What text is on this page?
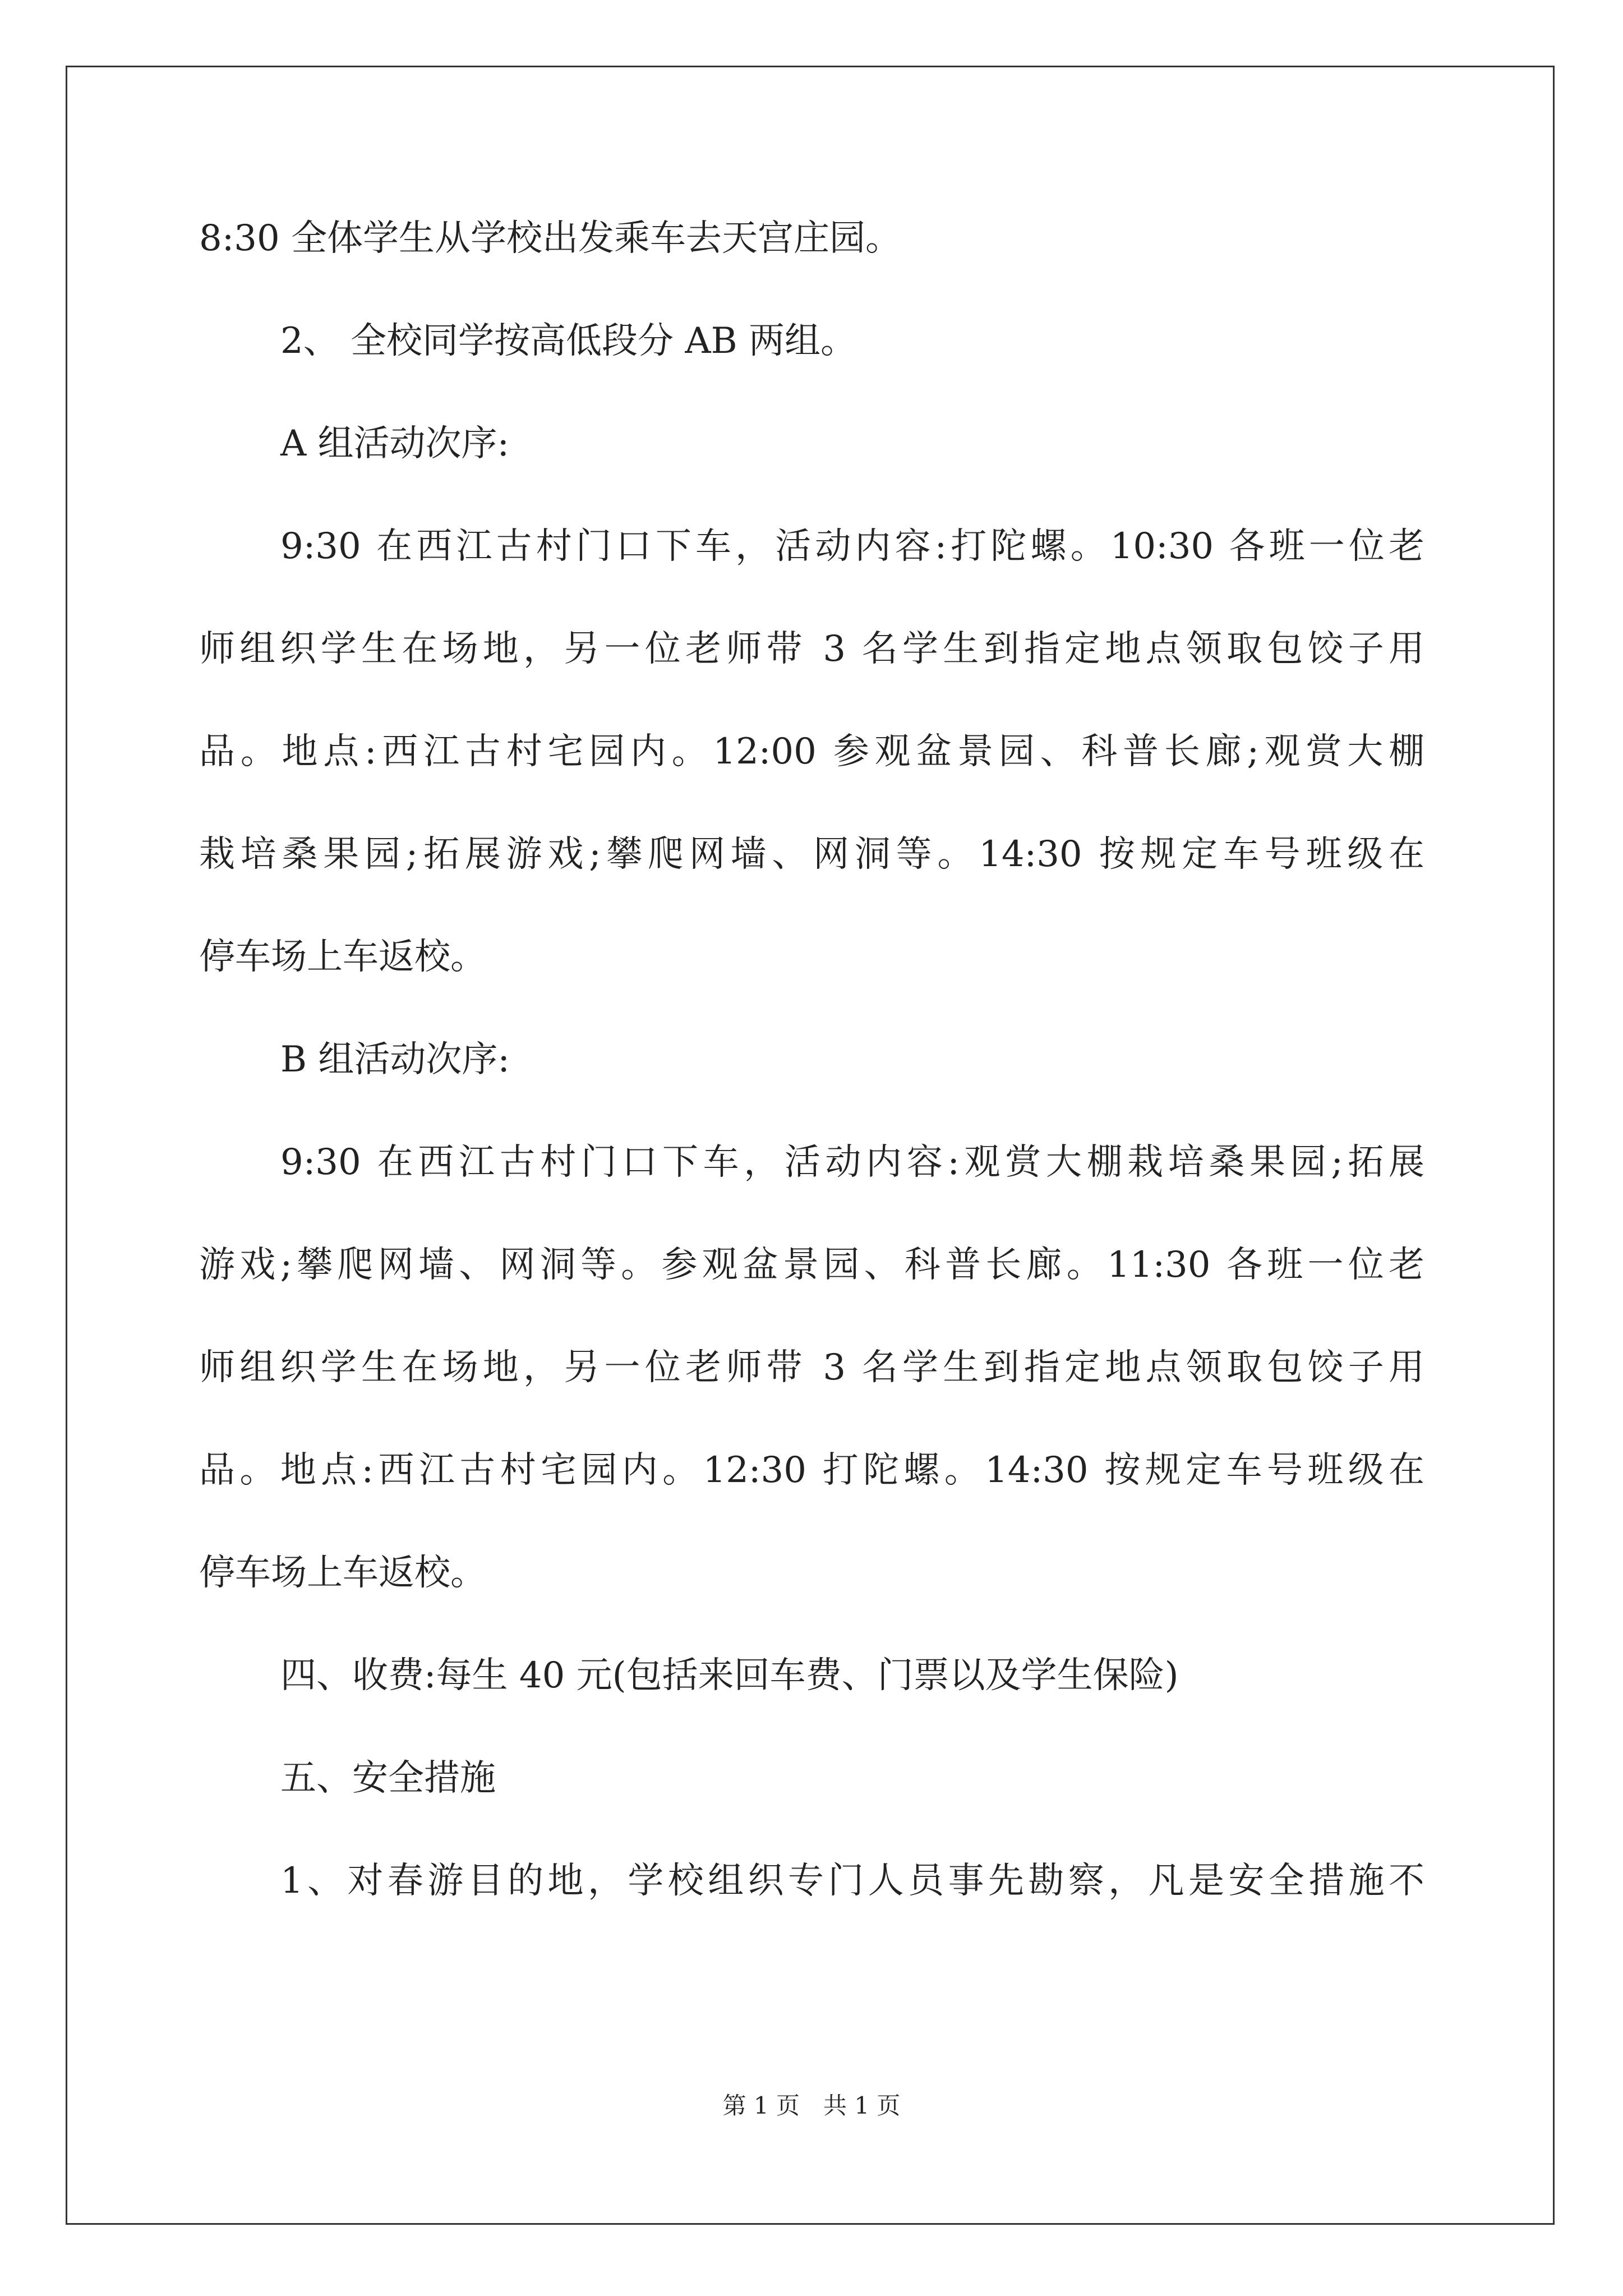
8:30 全体学生从学校出发乘车去天宫庄园。
2、 全校同学按高低段分 AB 两组。
A 组活动次序:
9:30 在西江古村门口下车，活动内容:打陀螺。10:30 各班一位老
师组织学生在场地，另一位老师带 3 名学生到指定地点领取包饺子用
品。地点:西江古村宅园内。12:00 参观盆景园、科普长廊;观赏大棚
栽培桑果园;拓展游戏;攀爬网墙、网洞等。14:30 按规定车号班级在
停车场上车返校。
B 组活动次序:
9:30 在西江古村门口下车，活动内容:观赏大棚栽培桑果园;拓展
游戏;攀爬网墙、网洞等。参观盆景园、科普长廊。11:30 各班一位老
师组织学生在场地，另一位老师带 3 名学生到指定地点领取包饺子用
品。地点:西江古村宅园内。12:30 打陀螺。14:30 按规定车号班级在
停车场上车返校。
四、收费:每生 40 元(包括来回车费、门票以及学生保险)
五、安全措施
1、对春游目的地，学校组织专门人员事先勘察，凡是安全措施不
第 1 页　共 1 页
